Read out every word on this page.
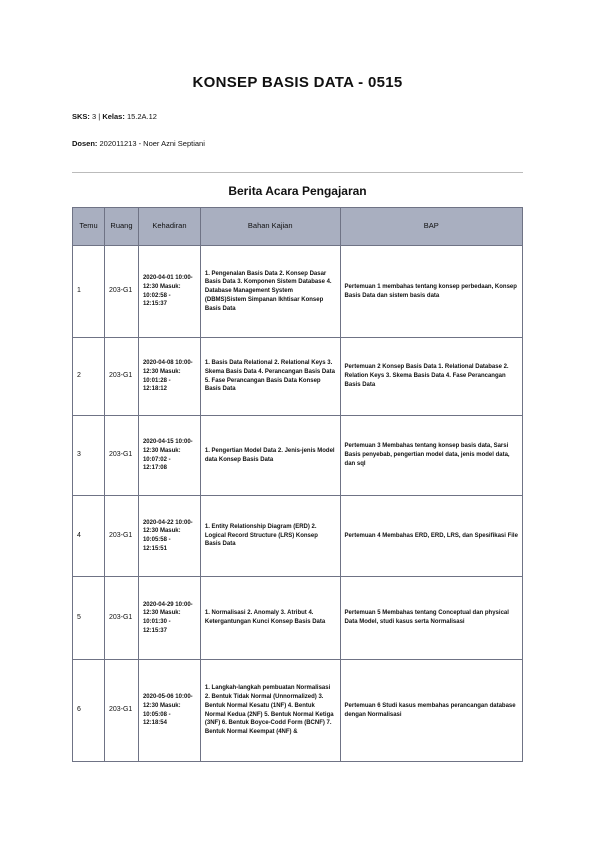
KONSEP BASIS DATA - 0515
SKS: 3 | Kelas: 15.2A.12
Dosen: 202011213 - Noer Azni Septiani
Berita Acara Pengajaran
Temu	Ruang	Kehadiran	Bahan Kajian	BAP
1	203-G1	2020-04-01 10:00-12:30 Masuk: 10:02:58 - 12:15:37	1. Pengenalan Basis Data 2. Konsep Dasar Basis Data 3. Komponen Sistem Database 4. Database Management System (DBMS)Sistem Simpanan Ikhtisar Konsep Basis Data	Pertemuan 1 membahas tentang konsep perbedaan, Konsep Basis Data dan sistem basis data
2	203-G1	2020-04-08 10:00-12:30 Masuk: 10:01:28 - 12:18:12	1. Basis Data Relational 2. Relational Keys 3. Skema Basis Data 4. Perancangan Basis Data 5. Fase Perancangan Basis Data Konsep Basis Data	Pertemuan 2 Konsep Basis Data 1. Relational Database 2. Relation Keys 3. Skema Basis Data 4. Fase Perancangan Basis Data
3	203-G1	2020-04-15 10:00-12:30 Masuk: 10:07:02 - 12:17:08	1. Pengertian Model Data 2. Jenis-jenis Model data Konsep Basis Data	Pertemuan 3 Membahas tentang konsep basis data, Sarsi Basis penyebab, pengertian model data, jenis model data, dan sql
4	203-G1	2020-04-22 10:00-12:30 Masuk: 10:05:58 - 12:15:51	1. Entity Relationship Diagram (ERD) 2. Logical Record Structure (LRS) Konsep Basis Data	Pertemuan 4 Membahas ERD, ERD, LRS, dan Spesifikasi File
5	203-G1	2020-04-29 10:00-12:30 Masuk: 10:01:30 - 12:15:37	1. Normalisasi 2. Anomaly 3. Atribut 4. Ketergantungan Kunci Konsep Basis Data	Pertemuan 5 Membahas tentang Conceptual dan physical Data Model, studi kasus serta Normalisasi
6	203-G1	2020-05-06 10:00-12:30 Masuk: 10:05:08 - 12:18:54	1. Langkah-langkah pembuatan Normalisasi 2. Bentuk Tidak Normal (Unnormalized) 3. Bentuk Normal Kesatu (1NF) 4. Bentuk Normal Kedua (2NF) 5. Bentuk Normal Ketiga (3NF) 6. Bentuk Boyce-Codd Form (BCNF) 7. Bentuk Normal Keempat (4NF) &	Pertemuan 6 Studi kasus membahas perancangan database dengan Normalisasi
